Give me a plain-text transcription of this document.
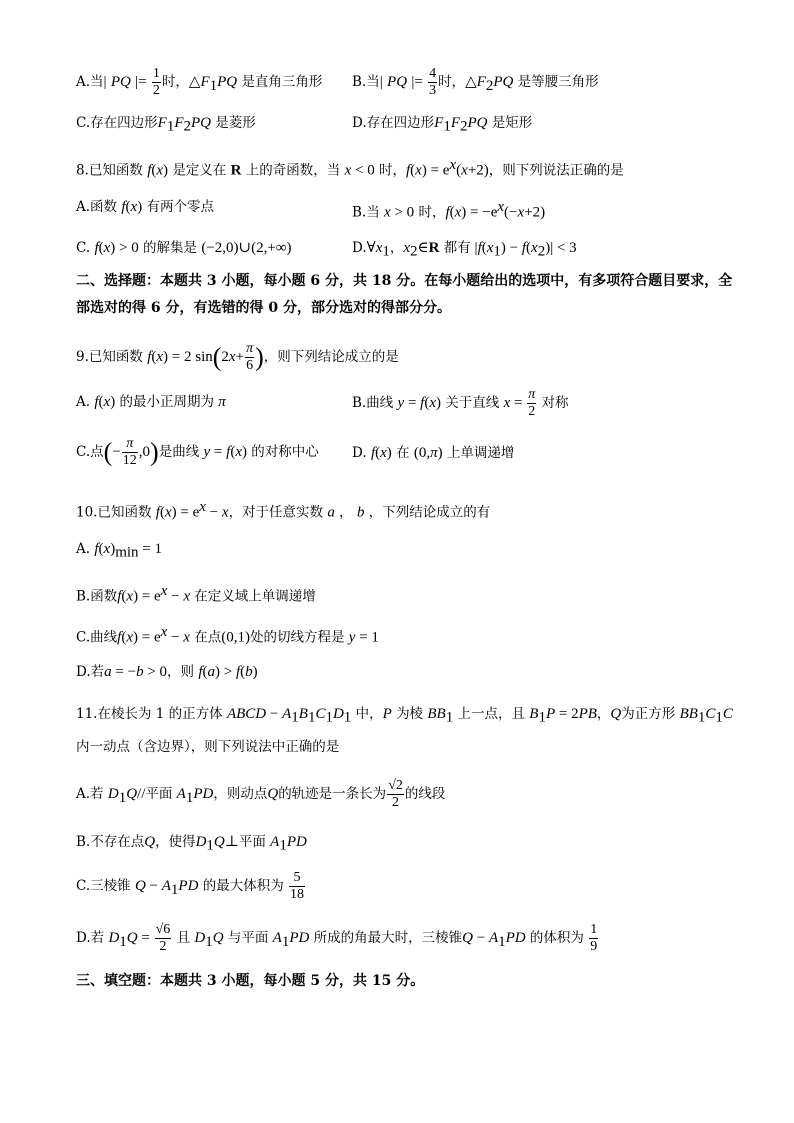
A.当| PQ |= $\frac{1}{2}$ 时，$\triangle F_1PQ$ 是直角三角形 B.当| PQ |= $\frac{4}{3}$ 时，$\triangle F_2PQ$ 是等腰三角形
C.存在四边形$F_1F_2PQ$ 是菱形	D.存在四边形$F_1F_2PQ$ 是矩形
8.已知函数 f(x) 是定义在 R 上的奇函数，当 x < 0 时，$f(x) = e^x(x+2)$，则下列说法正确的是
A.函数 f(x) 有两个零点	B.当 x > 0 时，$f(x) = -e^x(-x+2)$
C. f(x) > 0 的解集是 (−2,0)∪(2,+∞)	$D.\forall x_1$，$x_2\in R$ 都有 $|f(x_1) - f(x_2)| < 3$
二、选择题：本题共 3 小题，每小题 6 分，共 18 分。在每小题给出的选项中，有多项符合题目要求，全部选对的得 6 分，有选错的得 0 分，部分选对的得部分分。
9.已知函数 f(x) = 2 $\sin(2x+ \frac{\pi}{6}$ )，则下列结论成立的是
A. f(x) 的最小正周期为 π	B.曲线 y = f(x) 关于直线 $x = \frac{\pi}{2}$ 对称
C.点(− $\frac{\pi}{12} ,0$)是曲线 y = f(x) 的对称中心 D. f(x) 在 (0,π) 上单调递增
10.已知函数 $f(x) = e^x - x$，对于任意实数 a ， b ，下列结论成立的有
A. $f(x)_{min} = 1$
B.函数$f(x) = e^x - x$ 在定义域上单调递增
C.曲线$f(x) = e^x - x$ 在点(0,1)处的切线方程是 y = 1
D.若a = −b > 0，则 f(a) > f(b)
11.在棱长为 1 的正方体 ABCD − $A_1B_1C_1D_1$ 中，P 为棱 $BB_1$ 上一点，且 $B_1P = 2PB$，Q为正方形 $BB_1C_1C$
内一动点（含边界），则下列说法中正确的是
A.若 $D_1Q//$平面 $A_1PD$，则动点Q的轨迹是一条长为 $\frac{√2}{2}$ 的线段
B.不存在点Q，使得$D_1Q\perp$平面 $A_1PD$
C.三棱锥 $Q - A_1PD$ 的最大体积为 $\frac{5}{18}$
D.若 $D_1Q = \frac{√6}{2}$ 且 $D_1Q$ 与平面 $A_1PD$ 所成的角最大时，三棱锥$Q - A_1PD$ 的体积为 $\frac{1}{9}$
三、填空题：本题共 3 小题，每小题 5 分，共 15 分。
